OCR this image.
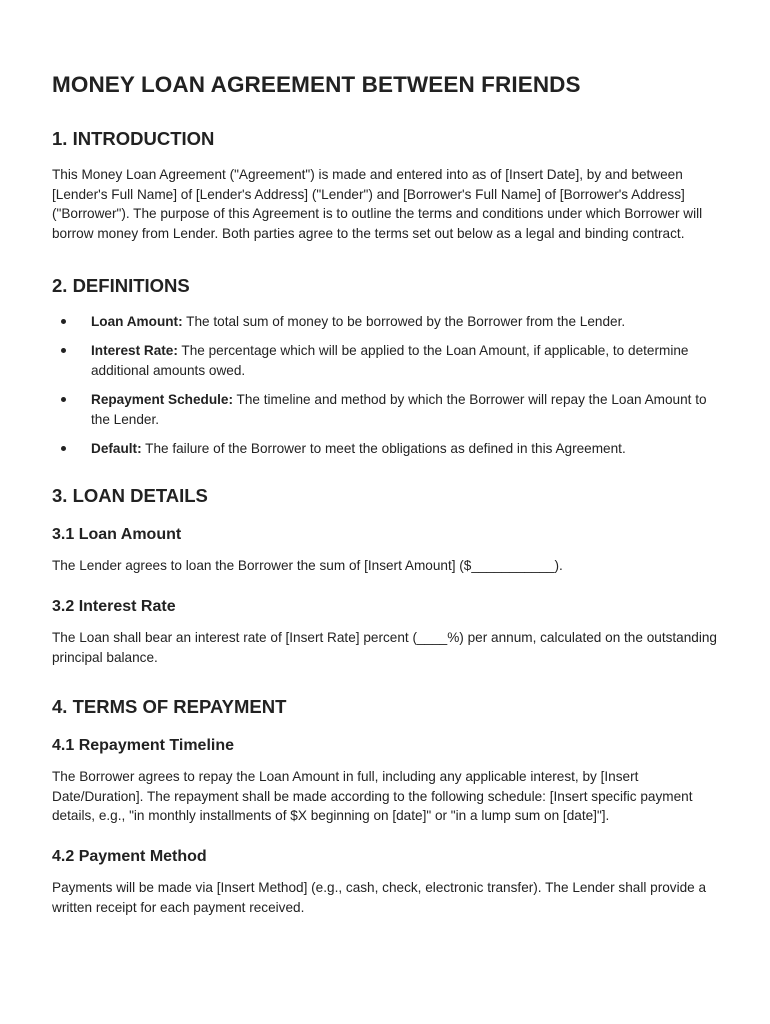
MONEY LOAN AGREEMENT BETWEEN FRIENDS
1. INTRODUCTION

This Money Loan Agreement ("Agreement") is made and entered into as of [Insert Date], by and between [Lender's Full Name] of [Lender's Address] ("Lender") and [Borrower's Full Name] of [Borrower's Address] ("Borrower"). The purpose of this Agreement is to outline the terms and conditions under which Borrower will borrow money from Lender. Both parties agree to the terms set out below as a legal and binding contract.

2. DEFINITIONS
Loan Amount: The total sum of money to be borrowed by the Borrower from the Lender.
Interest Rate: The percentage which will be applied to the Loan Amount, if applicable, to determine additional amounts owed.
Repayment Schedule: The timeline and method by which the Borrower will repay the Loan Amount to the Lender.
Default: The failure of the Borrower to meet the obligations as defined in this Agreement.
3. LOAN DETAILS
3.1 Loan Amount

The Lender agrees to loan the Borrower the sum of [Insert Amount] ($___________).

3.2 Interest Rate

The Loan shall bear an interest rate of [Insert Rate] percent (____%) per annum, calculated on the outstanding principal balance.

4. TERMS OF REPAYMENT
4.1 Repayment Timeline

The Borrower agrees to repay the Loan Amount in full, including any applicable interest, by [Insert Date/Duration]. The repayment shall be made according to the following schedule: [Insert specific payment details, e.g., "in monthly installments of $X beginning on [date]" or "in a lump sum on [date]"].

4.2 Payment Method

Payments will be made via [Insert Method] (e.g., cash, check, electronic transfer). The Lender shall provide a written receipt for each payment received.
